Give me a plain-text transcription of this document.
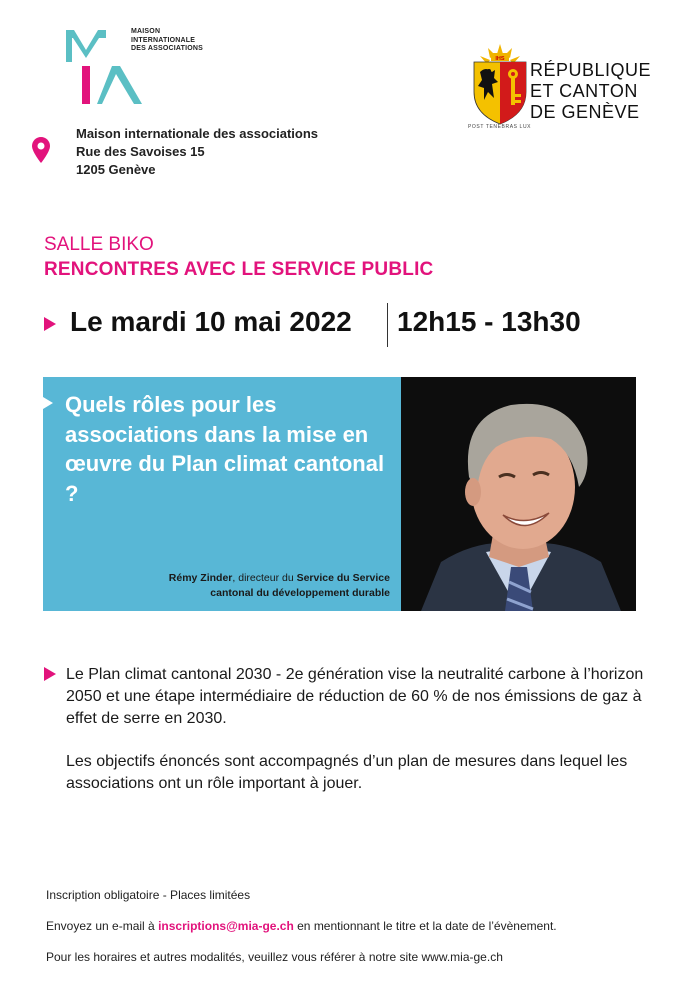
MAISON
INTERNATIONALE
DES ASSOCIATIONS
IHS
RÉPUBLIQUE
ET CANTON
DE GENÈVE
POST TENEBRAS LUX
Maison internationale des associations
Rue des Savoises 15
1205 Genève
SALLE BIKO
RENCONTRES AVEC LE SERVICE PUBLIC
Le mardi 10 mai 2022 12h15 - 13h30
Quels rôles pour les associations dans la mise en œuvre du Plan climat cantonal ?
Rémy Zinder, directeur du Service du Service
cantonal du développement durable
Le Plan climat cantonal 2030 - 2e génération vise la neutralité carbone à l’horizon 2050 et une étape intermédiaire de réduction de 60 % de nos émissions de gaz à effet de serre en 2030.
Les objectifs énoncés sont accompagnés d’un plan de mesures dans lequel les associations ont un rôle important à jouer.
Inscription obligatoire - Places limitées
Envoyez un e-mail à inscriptions@mia-ge.ch en mentionnant le titre et la date de l’évènement.
Pour les horaires et autres modalités, veuillez vous référer à notre site www.mia-ge.ch
